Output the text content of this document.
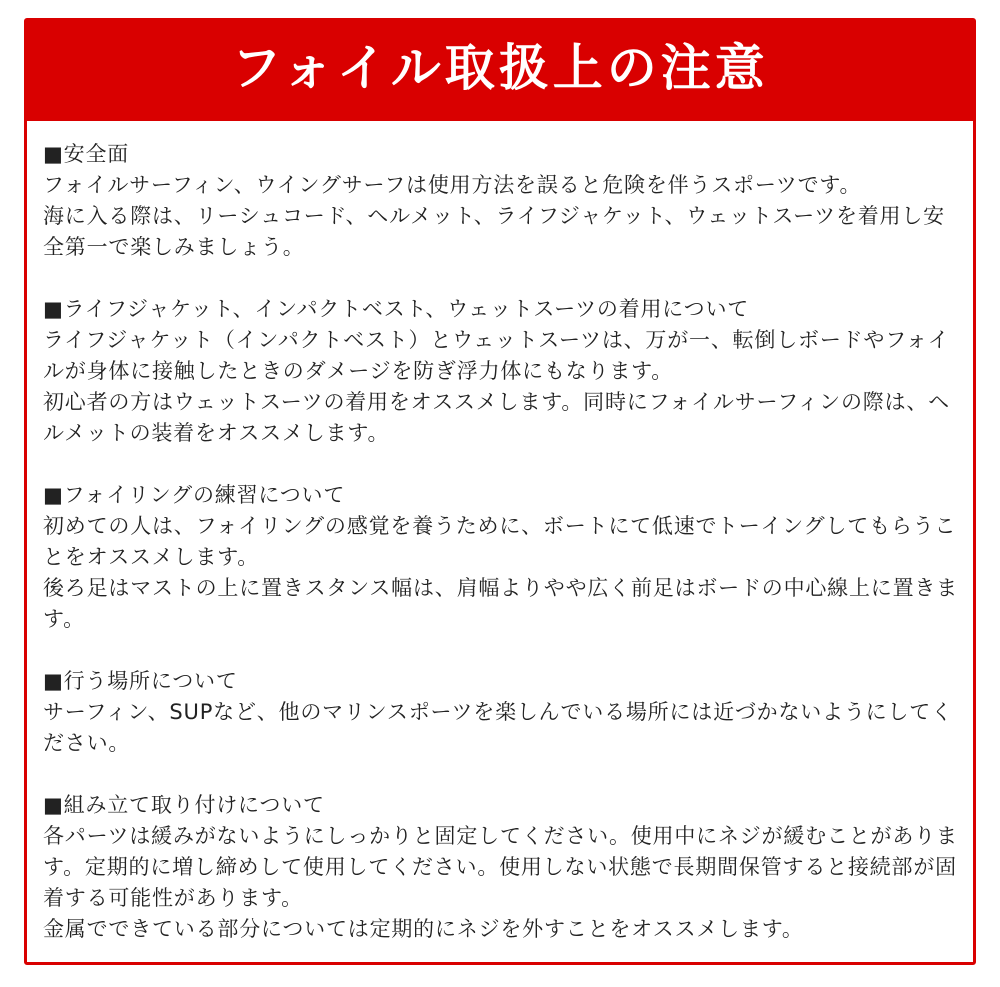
フォイル取扱上の注意

■安全面

フォイルサーフィン、ウイングサーフは使用方法を誤ると危険を伴うスポーツです。

海に入る際は、リーシュコード、ヘルメット、ライフジャケット、ウェットスーツを着用し安全第一で楽しみましょう。

■ライフジャケット、インパクトベスト、ウェットスーツの着用について

ライフジャケット（インパクトベスト）とウェットスーツは、万が一、転倒しボードやフォイルが身体に接触したときのダメージを防ぎ浮力体にもなります。

初心者の方はウェットスーツの着用をオススメします。同時にフォイルサーフィンの際は、ヘルメットの装着をオススメします。

■フォイリングの練習について

初めての人は、フォイリングの感覚を養うために、ボートにて低速でトーイングしてもらうことをオススメします。

後ろ足はマストの上に置きスタンス幅は、肩幅よりやや広く前足はボードの中心線上に置きます。

■行う場所について

サーフィン、SUPなど、他のマリンスポーツを楽しんでいる場所には近づかないようにしてください。

■組み立て取り付けについて

各パーツは緩みがないようにしっかりと固定してください。使用中にネジが緩むことがあります。定期的に増し締めして使用してください。使用しない状態で長期間保管すると接続部が固着する可能性があります。

金属でできている部分については定期的にネジを外すことをオススメします。
